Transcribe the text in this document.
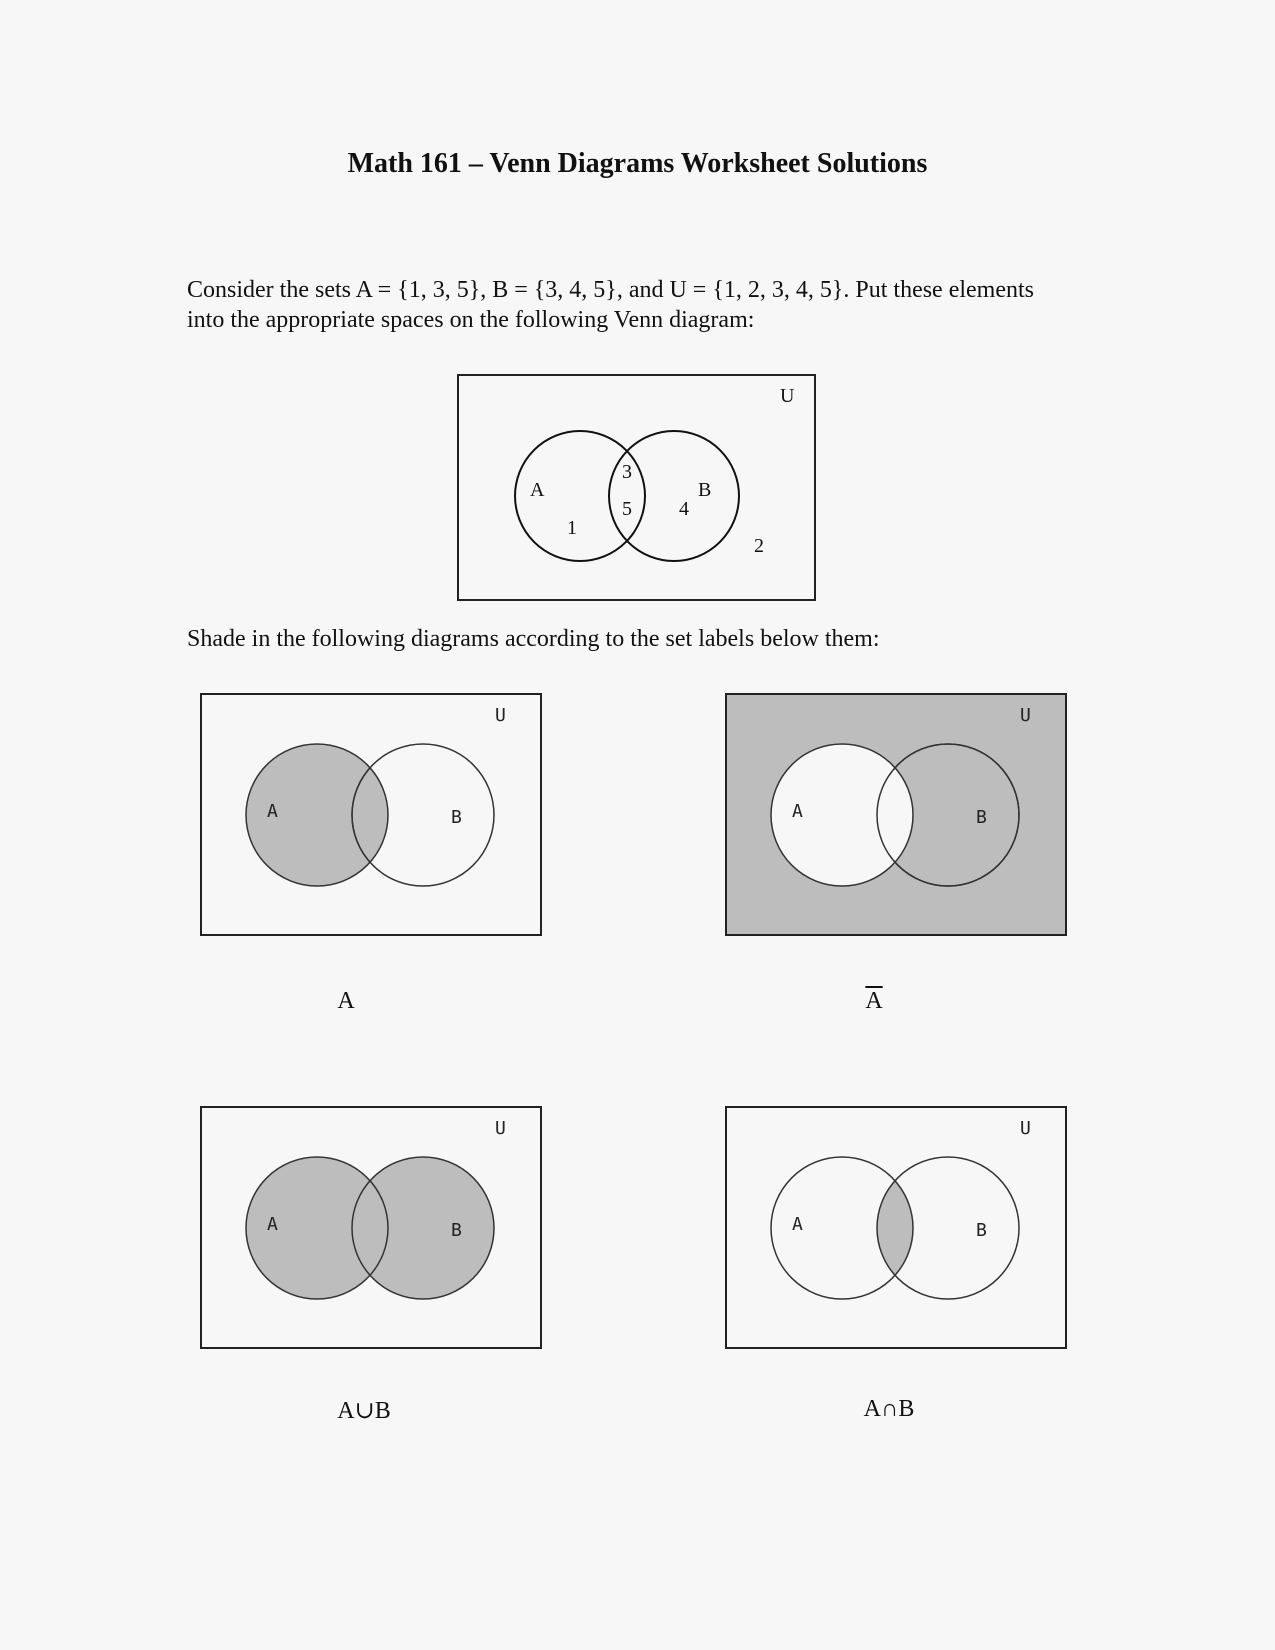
Math 161 – Venn Diagrams Worksheet Solutions

Consider the sets A = {1, 3, 5}, B = {3, 4, 5}, and U = {1, 2, 3, 4, 5}. Put these elements

into the appropriate spaces on the following Venn diagram:

U
A	B
1
3
5 4
2
Shade in the following diagrams according to the set labels below them:
U
A	B
A
U
A	B
$\overline{A}$
U
A	B
A∪B
U
A	B
A∩B
